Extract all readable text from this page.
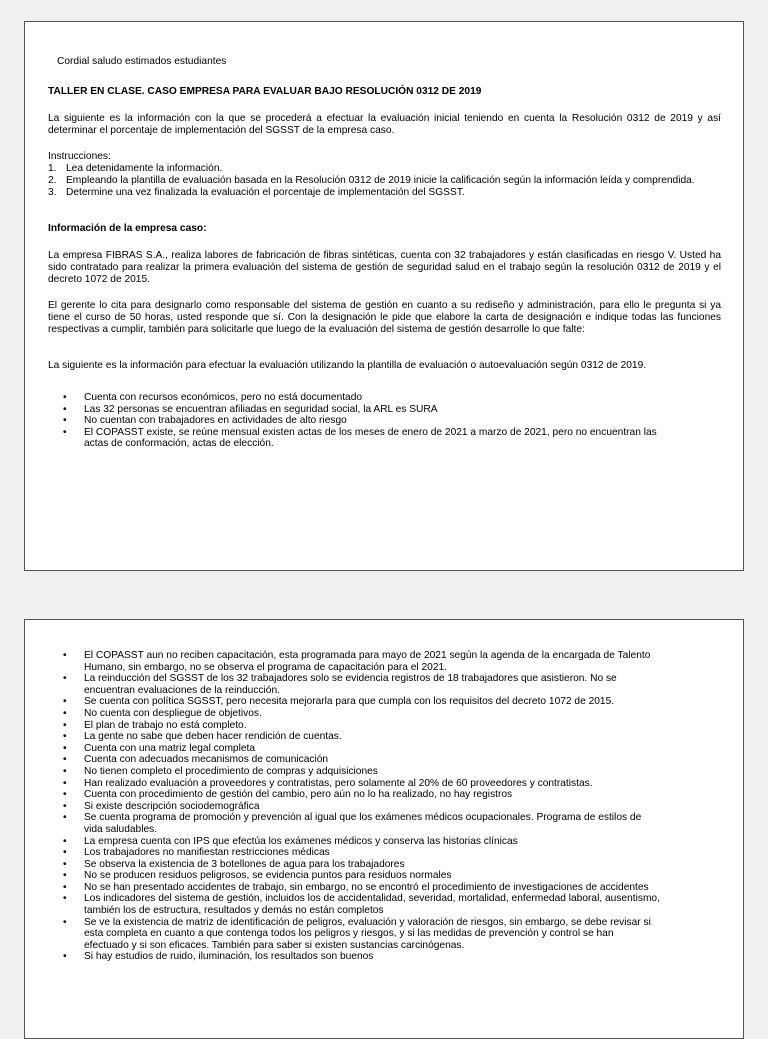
Cordial saludo estimados estudiantes

TALLER EN CLASE. CASO EMPRESA PARA EVALUAR BAJO RESOLUCIÓN 0312 DE 2019

La siguiente es la información con la que se procederá a efectuar la evaluación inicial teniendo en cuenta la Resolución 0312 de 2019 y así determinar el porcentaje de implementación del SGSST de la empresa caso.

Instrucciones:

1. Lea detenidamente la información.
2. Empleando la plantilla de evaluación basada en la Resolución 0312 de 2019 inicie la calificación según la información leída y comprendida.
3. Determine una vez finalizada la evaluación el porcentaje de implementación del SGSST.

Información de la empresa caso:

La empresa FIBRAS S.A., realiza labores de fabricación de fibras sintéticas, cuenta con 32 trabajadores y están clasificadas en riesgo V. Usted ha sido contratado para realizar la primera evaluación del sistema de gestión de seguridad salud en el trabajo según la resolución 0312 de 2019 y el decreto 1072 de 2015.

El gerente lo cita para designarlo como responsable del sistema de gestión en cuanto a su rediseño y administración, para ello le pregunta si ya tiene el curso de 50 horas, usted responde que sí. Con la designación le pide que elabore la carta de designación e indique todas las funciones respectivas a cumplir, también para solicitarle que luego de la evaluación del sistema de gestión desarrolle lo que falte:

La siguiente es la información para efectuar la evaluación utilizando la plantilla de evaluación o autoevaluación según 0312 de 2019.

• Cuenta con recursos económicos, pero no está documentado
• Las 32 personas se encuentran afiliadas en seguridad social, la ARL es SURA
• No cuentan con trabajadores en actividades de alto riesgo
• El COPASST existe, se reúne mensual existen actas de los meses de enero de 2021 a marzo de 2021, pero no encuentran las actas de conformación, actas de elección.
• El COPASST aun no reciben capacitación, esta programada para mayo de 2021 según la agenda de la encargada de Talento Humano, sin embargo, no se observa el programa de capacitación para el 2021.
• La reinducción del SGSST de los 32 trabajadores solo se evidencia registros de 18 trabajadores que asistieron. No se encuentran evaluaciones de la reinducción.
• Se cuenta con política SGSST, pero necesita mejorarla para que cumpla con los requisitos del decreto 1072 de 2015.
• No cuenta con despliegue de objetivos.
• El plan de trabajo no está completo.
• La gente no sabe que deben hacer rendición de cuentas.
• Cuenta con una matriz legal completa
• Cuenta con adecuados mecanismos de comunicación
• No tienen completo el procedimiento de compras y adquisiciones
• Han realizado evaluación a proveedores y contratistas, pero solamente al 20% de 60 proveedores y contratistas.
• Cuenta con procedimiento de gestión del cambio, pero aún no lo ha realizado, no hay registros
• Si existe descripción sociodemográfica
• Se cuenta programa de promoción y prevención al igual que los exámenes médicos ocupacionales. Programa de estilos de vida saludables.
• La empresa cuenta con IPS que efectúa los exámenes médicos y conserva las historias clínicas
• Los trabajadores no manifiestan restricciones médicas
• Se observa la existencia de 3 botellones de agua para los trabajadores
• No se producen residuos peligrosos, se evidencia puntos para residuos normales
• No se han presentado accidentes de trabajo, sin embargo, no se encontró el procedimiento de investigaciones de accidentes
• Los indicadores del sistema de gestión, incluidos los de accidentalidad, severidad, mortalidad, enfermedad laboral, ausentismo, también los de estructura, resultados y demás no están completos
• Se ve la existencia de matriz de identificación de peligros, evaluación y valoración de riesgos, sin embargo, se debe revisar si esta completa en cuanto a que contenga todos los peligros y riesgos, y si las medidas de prevención y control se han efectuado y si son eficaces. También para saber si existen sustancias carcinógenas.
• Si hay estudios de ruido, iluminación, los resultados son buenos
